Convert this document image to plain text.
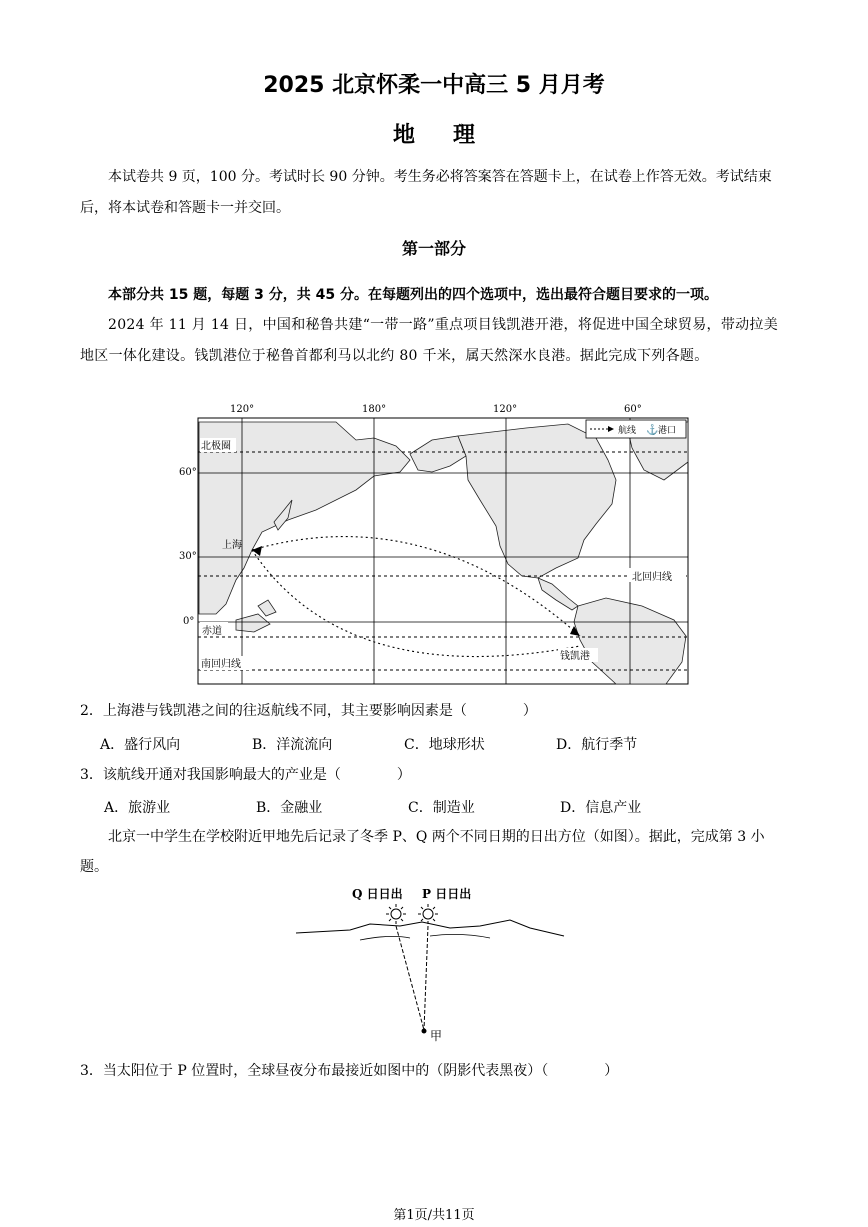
2025 北京怀柔一中高三 5 月月考
地理
本试卷共 9 页，100 分。考试时长 90 分钟。考生务必将答案答在答题卡上，在试卷上作答无效。考试结束后，将本试卷和答题卡一并交回。
第一部分
本部分共 15 题，每题 3 分，共 45 分。在每题列出的四个选项中，选出最符合题目要求的一项。
2024 年 11 月 14 日，中国和秘鲁共建“一带一路”重点项目钱凯港开港，将促进中国全球贸易，带动拉美地区一体化建设。钱凯港位于秘鲁首都利马以北约 80 千米，属天然深水良港。据此完成下列各题。
120°	180°	120°	60°
北极圈
北回归线
赤道
南回归线
上海
钱凯港
航线 ⚓ 港口
60°
30°
0°
2．上海港与钱凯港之间的往返航线不同，其主要影响因素是（　　　　）
A．盛行风向	B．洋流流向	C．地球形状	D．航行季节
3．该航线开通对我国影响最大的产业是（　　　　）
A．旅游业	B．金融业	C．制造业	D．信息产业
北京一中学生在学校附近甲地先后记录了冬季 P、Q 两个不同日期的日出方位（如图）。据此，完成第 3 小题。
Q 日日出 P 日日出
甲
3．当太阳位于 P 位置时，全球昼夜分布最接近如图中的（阴影代表黑夜）（　　　　）
第1页/共11页
